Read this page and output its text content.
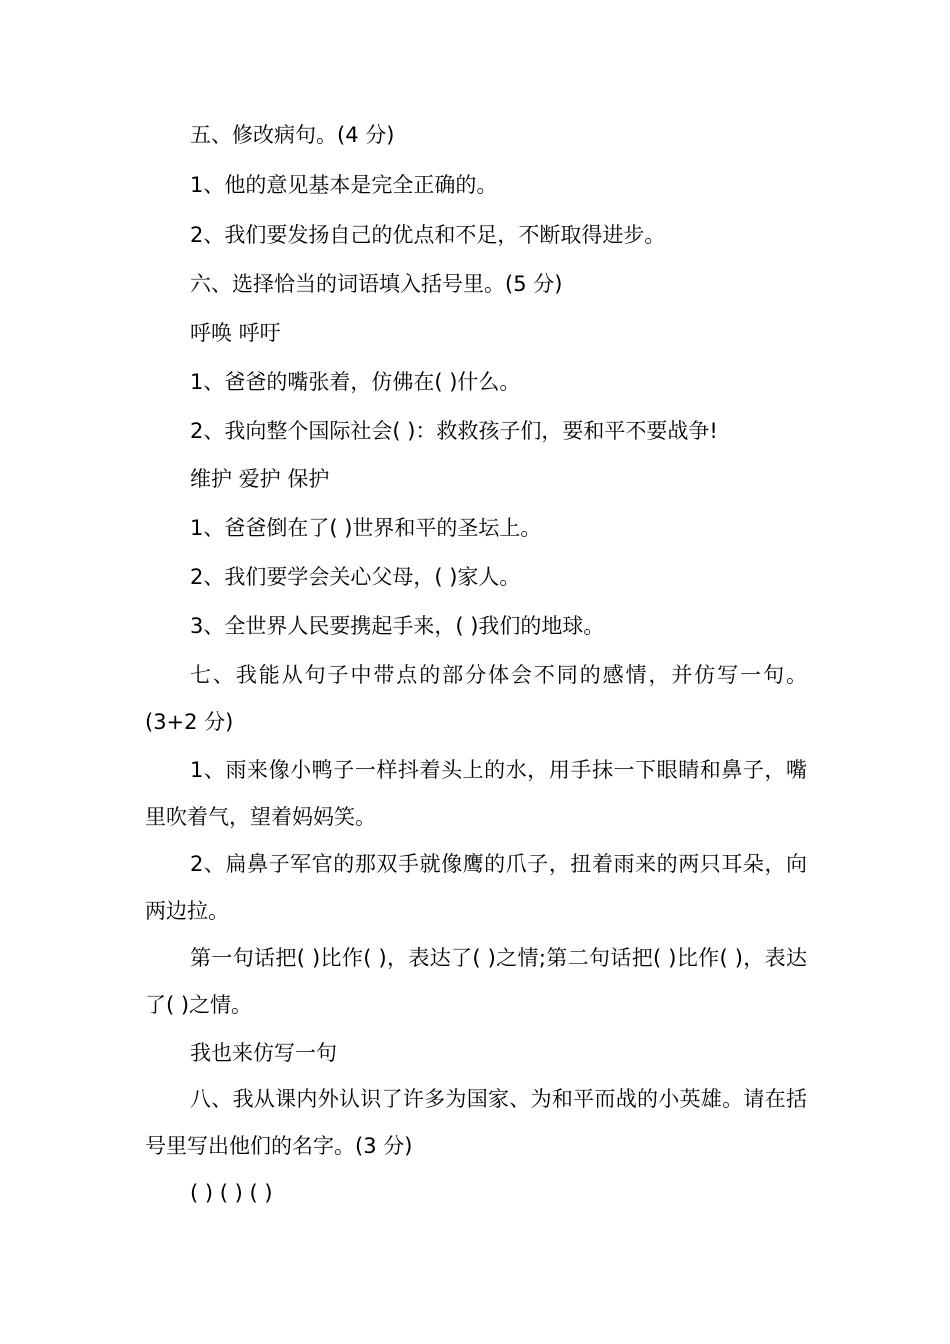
五、修改病句。(4 分)
1、他的意见基本是完全正确的。
2、我们要发扬自己的优点和不足，不断取得进步。
六、选择恰当的词语填入括号里。(5 分)
呼唤 呼吁
1、爸爸的嘴张着，仿佛在( )什么。
2、我向整个国际社会( )：救救孩子们，要和平不要战争!
维护 爱护 保护
1、爸爸倒在了( )世界和平的圣坛上。
2、我们要学会关心父母，( )家人。
3、全世界人民要携起手来，( )我们的地球。
七、我能从句子中带点的部分体会不同的感情，并仿写一句。(3+2 分)
1、雨来像小鸭子一样抖着头上的水，用手抹一下眼睛和鼻子，嘴里吹着气，望着妈妈笑。
2、扁鼻子军官的那双手就像鹰的爪子，扭着雨来的两只耳朵，向两边拉。
第一句话把( )比作( )，表达了( )之情;第二句话把( )比作( )，表达了( )之情。
我也来仿写一句
八、我从课内外认识了许多为国家、为和平而战的小英雄。请在括号里写出他们的名字。(3 分)
( ) ( ) ( )
